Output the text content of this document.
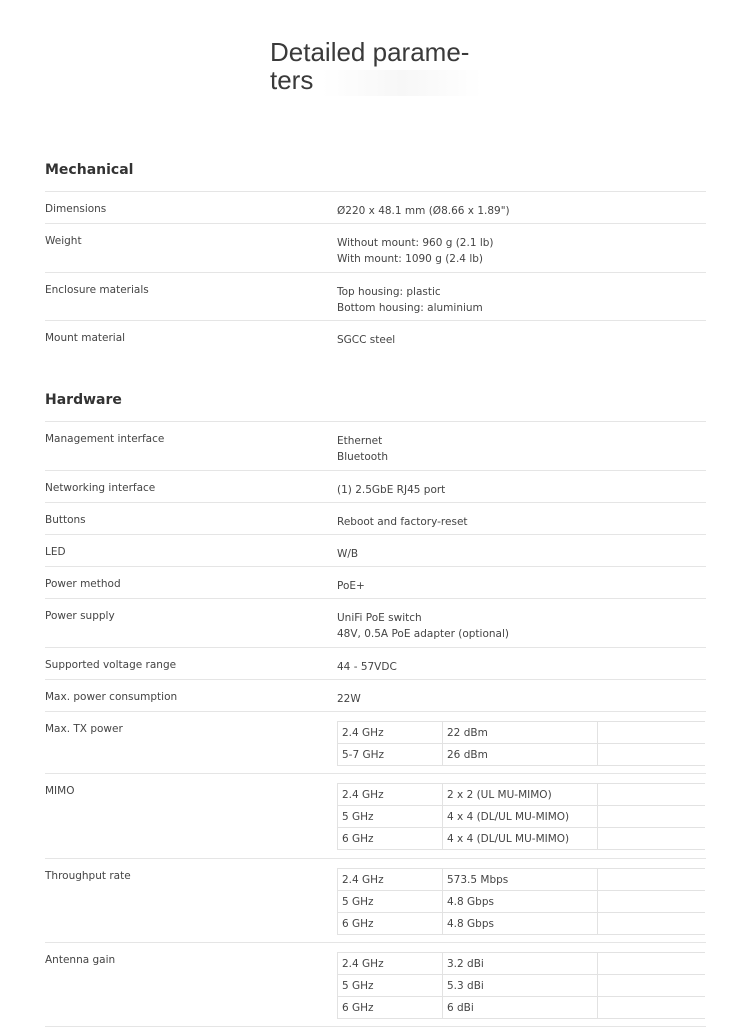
Detailed parame-
ters
Mechanical
Dimensions	Ø220 x 48.1 mm (Ø8.66 x 1.89")
Weight	Without mount: 960 g (2.1 lb)
With mount: 1090 g (2.4 lb)
Enclosure materials	Top housing: plastic
Bottom housing: aluminium
Mount material	SGCC steel
Hardware
Management interface	Ethernet
Bluetooth
Networking interface	(1) 2.5GbE RJ45 port
Buttons	Reboot and factory-reset
LED	W/B
Power method	PoE+
Power supply	UniFi PoE switch
48V, 0.5A PoE adapter (optional)
Supported voltage range	44 - 57VDC
Max. power consumption	22W
Max. TX power	2.4 GHz	22 dBm	
5-7 GHz	26 dBm	
MIMO	2.4 GHz	2 x 2 (UL MU-MIMO)	
5 GHz	4 x 4 (DL/UL MU-MIMO)	
6 GHz	4 x 4 (DL/UL MU-MIMO)	
Throughput rate	2.4 GHz	573.5 Mbps	
5 GHz	4.8 Gbps	
6 GHz	4.8 Gbps	
Antenna gain	2.4 GHz	3.2 dBi	
5 GHz	5.3 dBi	
6 GHz	6 dBi	
